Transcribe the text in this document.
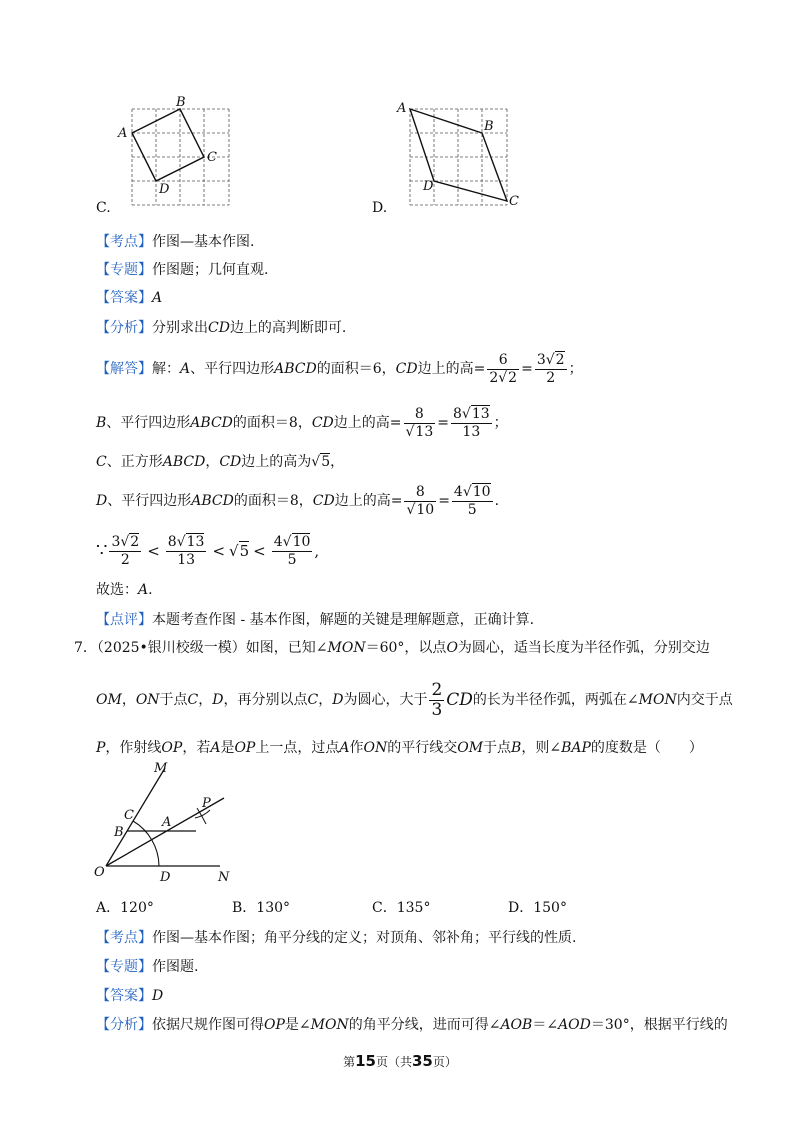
A
B
C
D
C.
A
B
C
D
D.
【考点】作图—基本作图.
【专题】作图题；几何直观.
【答案】A
【分析】分别求出CD边上的高判断即可.
【解答】 解： A 、平行四边形 ABCD 的面积＝6， CD 边上的高= $\frac{6}{2√2} = \frac{3√2}{2}$ ；
B 、平行四边形 ABCD 的面积＝8， CD 边上的高= $\frac{8}{√13} = \frac{8√13}{13}$ ；
C、正方形ABCD，CD边上的高为√5，
D 、平行四边形 ABCD 的面积＝8， CD 边上的高= $\frac{8}{√10} = \frac{4√10}{5}$ .
∵ $\frac{3√2}{2} < \frac{8√13}{13} < √5 < \frac{4√10}{5}$ ,
故选：A.
【点评】本题考查作图 - 基本作图，解题的关键是理解题意，正确计算.
7．（2025•银川校级一模）如图，已知∠MON＝60°，以点O为圆心，适当长度为半径作弧，分别交边
OM ， ON 于点 C ， D ，再分别以点 C ， D 为圆心，大于 $\frac{2}{3}$ CD 的长为半径作弧，两弧在∠ MON 内交于点
P，作射线OP，若A是OP上一点，过点A作ON的平行线交OM于点B，则∠BAP的度数是（　　）
M
C
P
B
A
O	D	N
A．120°	B．130°	C．135°	D．150°
【考点】作图—基本作图；角平分线的定义；对顶角、邻补角；平行线的性质.
【专题】作图题.
【答案】D
【分析】依据尺规作图可得OP是∠MON的角平分线，进而可得∠AOB＝∠AOD＝30°，根据平行线的
第15页（共35页）
